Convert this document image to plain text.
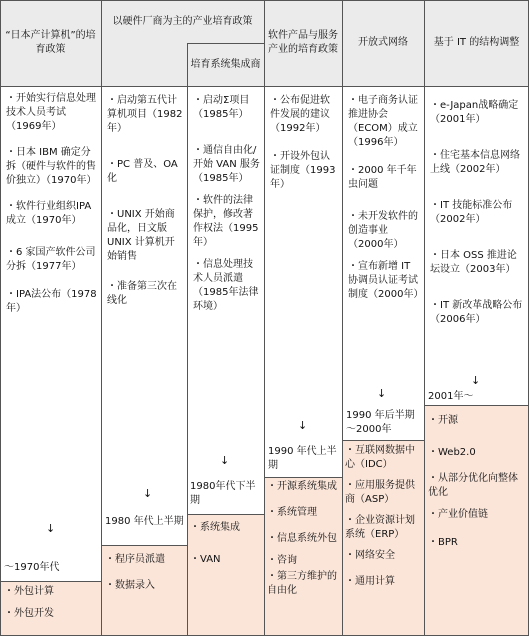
“日本产计算机”的培育政策
以硬件厂商为主的产业培育政策
培育系统集成商
软件产品与服务产业的培育政策
开放式网络	基于 IT 的结构调整
・开始实行信息处理技术人员考试（1969年）
・日本 IBM 确定分拆（硬件与软件的售价独立）（1970年）
・软件行业组织IPA成立（1970年）
・6 家国产软件公司分拆（1977年）
・IPA法公布（1978年）
↓
～1970年代
・外包计算
・外包开发
・启动第五代计算机项目（1982年）
・PC 普及、OA化
・UNIX 开始商品化，日文版UNIX 计算机开始销售
・准备第三次在线化
↓
1980 年代上半期
・程序员派遣
・数据录入
・启动Σ项目（1985年）
・通信自由化/开始 VAN 服务（1985年）
・软件的法律保护，修改著作权法（1995年）
・信息处理技术人员派遣（1985年法律环境）
↓
1980年代下半期
・系统集成
・VAN
・公布促进软件发展的建议（1992年）
・开设外包认证制度（1993年）
↓
1990 年代上半期
・开源系统集成
・系统管理
・信息系统外包
・咨询
・第三方维护的自由化
・电子商务认证推进协会（ECOM）成立（1996年）
・2000 年千年虫问题
・未开发软件的创造事业（2000年）
・宣布新增 IT协调员认证考试制度（2000年）
↓
1990 年后半期～2000年
・互联网数据中心（IDC）
・应用服务提供商（ASP）
・企业资源计划系统（ERP）
・网络安全
・通用计算
・e-Japan战略确定（2001年）
・住宅基本信息网络上线（2002年）
・IT 技能标准公布（2002年）
・日本 OSS 推进论坛设立（2003年）
・IT 新改革战略公布（2006年）
↓
2001年～
・开源
・Web2.0
・从部分优化向整体优化
・产业价值链
・BPR
